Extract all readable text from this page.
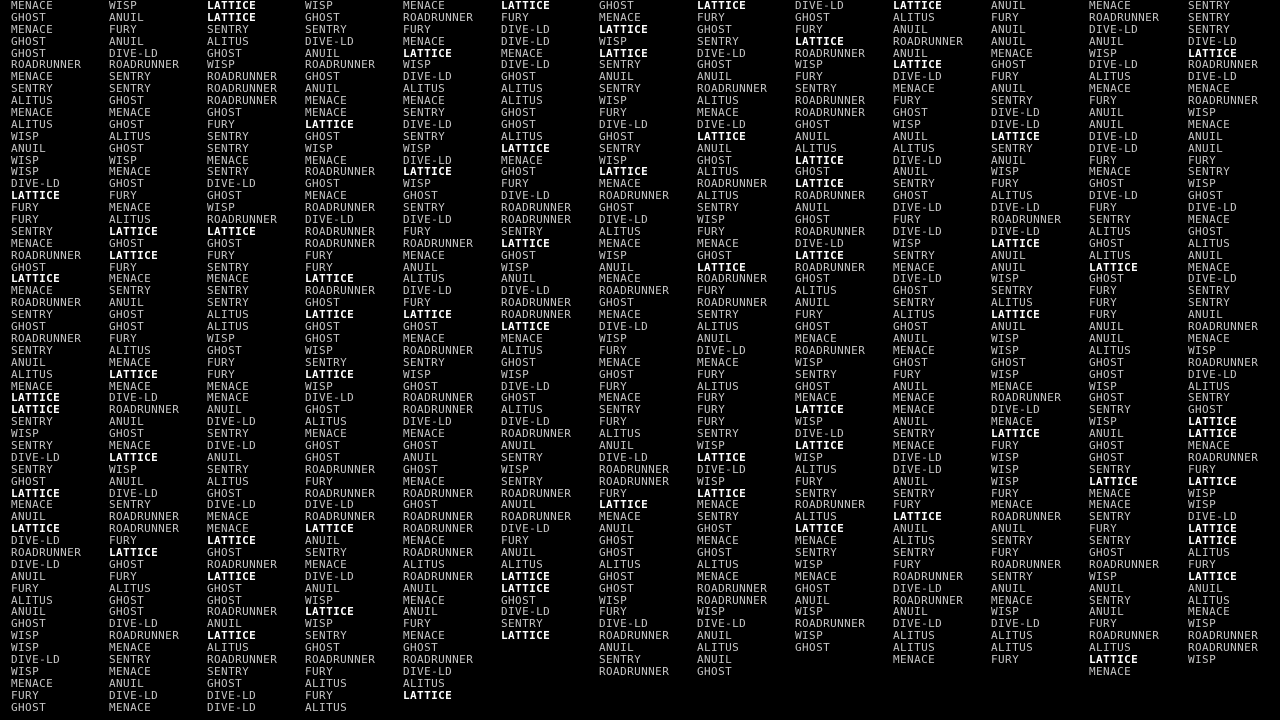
MENACE
GHOST
MENACE
GHOST
GHOST
ROADRUNNER
MENACE
SENTRY
ALITUS
MENACE
ALITUS
WISP
ANUIL
WISP
WISP
DIVE-LD
LATTICE
FURY
FURY
SENTRY
MENACE
ROADRUNNER
GHOST
LATTICE
MENACE
ROADRUNNER
SENTRY
GHOST
ROADRUNNER
SENTRY
ANUIL
ALITUS
MENACE
LATTICE
LATTICE
SENTRY
WISP
SENTRY
DIVE-LD
SENTRY
GHOST
LATTICE
MENACE
ANUIL
LATTICE
DIVE-LD
ROADRUNNER
DIVE-LD
ANUIL
FURY
ALITUS
ANUIL
GHOST
WISP
WISP
DIVE-LD
WISP
MENACE
FURY
GHOST
WISP
ANUIL
FURY
ANUIL
DIVE-LD
ROADRUNNER
SENTRY
SENTRY
GHOST
MENACE
GHOST
ALITUS
GHOST
WISP
MENACE
GHOST
FURY
MENACE
ALITUS
LATTICE
GHOST
LATTICE
FURY
MENACE
SENTRY
ANUIL
GHOST
GHOST
FURY
ALITUS
MENACE
LATTICE
MENACE
DIVE-LD
ROADRUNNER
ANUIL
GHOST
MENACE
LATTICE
WISP
ANUIL
DIVE-LD
SENTRY
ROADRUNNER
ROADRUNNER
FURY
LATTICE
GHOST
FURY
ALITUS
GHOST
GHOST
DIVE-LD
ROADRUNNER
MENACE
SENTRY
MENACE
ANUIL
DIVE-LD
MENACE
LATTICE
LATTICE
SENTRY
ALITUS
GHOST
WISP
ROADRUNNER
ROADRUNNER
ROADRUNNER
GHOST
FURY
SENTRY
SENTRY
MENACE
SENTRY
DIVE-LD
GHOST
WISP
ROADRUNNER
LATTICE
GHOST
FURY
SENTRY
MENACE
SENTRY
SENTRY
ALITUS
ALITUS
WISP
GHOST
FURY
FURY
MENACE
MENACE
ANUIL
DIVE-LD
SENTRY
DIVE-LD
ANUIL
SENTRY
ALITUS
GHOST
DIVE-LD
MENACE
MENACE
LATTICE
GHOST
ROADRUNNER
LATTICE
GHOST
GHOST
ROADRUNNER
ANUIL
LATTICE
ALITUS
ROADRUNNER
SENTRY
GHOST
DIVE-LD
DIVE-LD
WISP
GHOST
SENTRY
DIVE-LD
ANUIL
ROADRUNNER
GHOST
ANUIL
MENACE
MENACE
LATTICE
GHOST
WISP
MENACE
ROADRUNNER
GHOST
MENACE
ROADRUNNER
DIVE-LD
ROADRUNNER
ROADRUNNER
FURY
FURY
LATTICE
ROADRUNNER
GHOST
LATTICE
GHOST
GHOST
WISP
SENTRY
LATTICE
WISP
DIVE-LD
GHOST
ALITUS
MENACE
GHOST
GHOST
ROADRUNNER
FURY
ROADRUNNER
DIVE-LD
ROADRUNNER
LATTICE
ANUIL
SENTRY
MENACE
DIVE-LD
ANUIL
WISP
LATTICE
WISP
SENTRY
GHOST
ROADRUNNER
FURY
ALITUS
FURY
ALITUS
MENACE
ROADRUNNER
FURY
MENACE
LATTICE
WISP
DIVE-LD
ALITUS
MENACE
SENTRY
DIVE-LD
SENTRY
WISP
DIVE-LD
LATTICE
WISP
GHOST
SENTRY
DIVE-LD
FURY
ROADRUNNER
MENACE
ANUIL
ALITUS
DIVE-LD
FURY
LATTICE
GHOST
MENACE
ROADRUNNER
SENTRY
WISP
GHOST
ROADRUNNER
ROADRUNNER
DIVE-LD
MENACE
GHOST
ANUIL
GHOST
MENACE
ROADRUNNER
GHOST
ROADRUNNER
ROADRUNNER
MENACE
ROADRUNNER
ALITUS
ROADRUNNER
ANUIL
MENACE
ANUIL
FURY
MENACE
GHOST
ROADRUNNER
DIVE-LD
ALITUS
LATTICE
LATTICE
FURY
DIVE-LD
DIVE-LD
MENACE
DIVE-LD
GHOST
ALITUS
ALITUS
GHOST
GHOST
ALITUS
LATTICE
MENACE
GHOST
FURY
DIVE-LD
ROADRUNNER
ROADRUNNER
SENTRY
LATTICE
GHOST
WISP
ANUIL
DIVE-LD
ROADRUNNER
ROADRUNNER
LATTICE
MENACE
ALITUS
GHOST
WISP
DIVE-LD
GHOST
ALITUS
DIVE-LD
ROADRUNNER
ANUIL
SENTRY
WISP
SENTRY
ROADRUNNER
ANUIL
ROADRUNNER
DIVE-LD
FURY
ANUIL
ALITUS
LATTICE
LATTICE
GHOST
DIVE-LD
SENTRY
LATTICE
GHOST
MENACE
LATTICE
WISP
LATTICE
SENTRY
ANUIL
SENTRY
WISP
FURY
DIVE-LD
GHOST
SENTRY
WISP
LATTICE
MENACE
ROADRUNNER
GHOST
DIVE-LD
ALITUS
MENACE
WISP
ANUIL
MENACE
ROADRUNNER
GHOST
MENACE
DIVE-LD
WISP
FURY
MENACE
GHOST
FURY
MENACE
SENTRY
FURY
ALITUS
ANUIL
DIVE-LD
ROADRUNNER
ROADRUNNER
FURY
LATTICE
MENACE
ANUIL
GHOST
GHOST
ALITUS
GHOST
GHOST
WISP
FURY
DIVE-LD
ROADRUNNER
ANUIL
SENTRY
ROADRUNNER
LATTICE
FURY
GHOST
SENTRY
DIVE-LD
GHOST
ANUIL
ROADRUNNER
ALITUS
MENACE
DIVE-LD
LATTICE
ANUIL
GHOST
ALITUS
ROADRUNNER
ALITUS
SENTRY
WISP
FURY
MENACE
GHOST
LATTICE
ROADRUNNER
FURY
ROADRUNNER
SENTRY
ALITUS
ANUIL
DIVE-LD
MENACE
FURY
ALITUS
FURY
FURY
FURY
SENTRY
WISP
LATTICE
DIVE-LD
WISP
LATTICE
MENACE
SENTRY
GHOST
MENACE
GHOST
ALITUS
MENACE
ROADRUNNER
ROADRUNNER
WISP
DIVE-LD
ANUIL
ALITUS
ANUIL
GHOST
DIVE-LD
GHOST
FURY
LATTICE
ROADRUNNER
WISP
FURY
SENTRY
ROADRUNNER
ROADRUNNER
GHOST
ANUIL
ALITUS
LATTICE
GHOST
LATTICE
ROADRUNNER
ANUIL
GHOST
ROADRUNNER
DIVE-LD
LATTICE
ROADRUNNER
GHOST
ALITUS
ANUIL
FURY
GHOST
MENACE
ROADRUNNER
WISP
SENTRY
GHOST
MENACE
LATTICE
WISP
DIVE-LD
LATTICE
WISP
ALITUS
FURY
SENTRY
ROADRUNNER
ALITUS
LATTICE
MENACE
SENTRY
WISP
MENACE
GHOST
ANUIL
WISP
ROADRUNNER
WISP
GHOST
LATTICE
ALITUS
ANUIL
ROADRUNNER
ANUIL
LATTICE
DIVE-LD
MENACE
FURY
GHOST
WISP
ANUIL
ALITUS
DIVE-LD
ANUIL
SENTRY
GHOST
DIVE-LD
FURY
DIVE-LD
WISP
SENTRY
MENACE
DIVE-LD
GHOST
SENTRY
ALITUS
GHOST
ANUIL
MENACE
GHOST
FURY
ANUIL
MENACE
MENACE
ANUIL
SENTRY
MENACE
DIVE-LD
DIVE-LD
ANUIL
SENTRY
FURY
LATTICE
ANUIL
ALITUS
SENTRY
FURY
ROADRUNNER
DIVE-LD
ROADRUNNER
ANUIL
DIVE-LD
ALITUS
ALITUS
MENACE
ANUIL
FURY
ANUIL
ANUIL
MENACE
GHOST
FURY
ANUIL
SENTRY
DIVE-LD
DIVE-LD
LATTICE
SENTRY
ANUIL
WISP
FURY
ALITUS
DIVE-LD
ROADRUNNER
DIVE-LD
LATTICE
ANUIL
ANUIL
WISP
SENTRY
ALITUS
LATTICE
ANUIL
WISP
WISP
GHOST
WISP
MENACE
ROADRUNNER
DIVE-LD
MENACE
LATTICE
FURY
WISP
WISP
WISP
FURY
MENACE
ROADRUNNER
ANUIL
SENTRY
FURY
ROADRUNNER
SENTRY
ANUIL
MENACE
WISP
DIVE-LD
ALITUS
ALITUS
FURY
MENACE
ROADRUNNER
DIVE-LD
ANUIL
WISP
DIVE-LD
ALITUS
MENACE
FURY
ANUIL
ANUIL
DIVE-LD
DIVE-LD
FURY
MENACE
GHOST
DIVE-LD
FURY
SENTRY
ALITUS
GHOST
ALITUS
LATTICE
GHOST
FURY
FURY
FURY
ANUIL
ANUIL
ALITUS
GHOST
GHOST
WISP
GHOST
SENTRY
WISP
ANUIL
GHOST
GHOST
SENTRY
LATTICE
MENACE
MENACE
SENTRY
FURY
SENTRY
GHOST
ROADRUNNER
WISP
ANUIL
SENTRY
ANUIL
FURY
ROADRUNNER
ALITUS
LATTICE
MENACE
SENTRY
SENTRY
SENTRY
DIVE-LD
LATTICE
ROADRUNNER
DIVE-LD
MENACE
ROADRUNNER
WISP
MENACE
ANUIL
ANUIL
FURY
SENTRY
WISP
GHOST
DIVE-LD
MENACE
GHOST
ALITUS
ANUIL
MENACE
DIVE-LD
SENTRY
SENTRY
ANUIL
ROADRUNNER
MENACE
WISP
ROADRUNNER
DIVE-LD
ALITUS
SENTRY
GHOST
LATTICE
LATTICE
MENACE
ROADRUNNER
FURY
LATTICE
WISP
WISP
DIVE-LD
LATTICE
LATTICE
ALITUS
FURY
LATTICE
ANUIL
ALITUS
MENACE
WISP
ROADRUNNER
ROADRUNNER
WISP
